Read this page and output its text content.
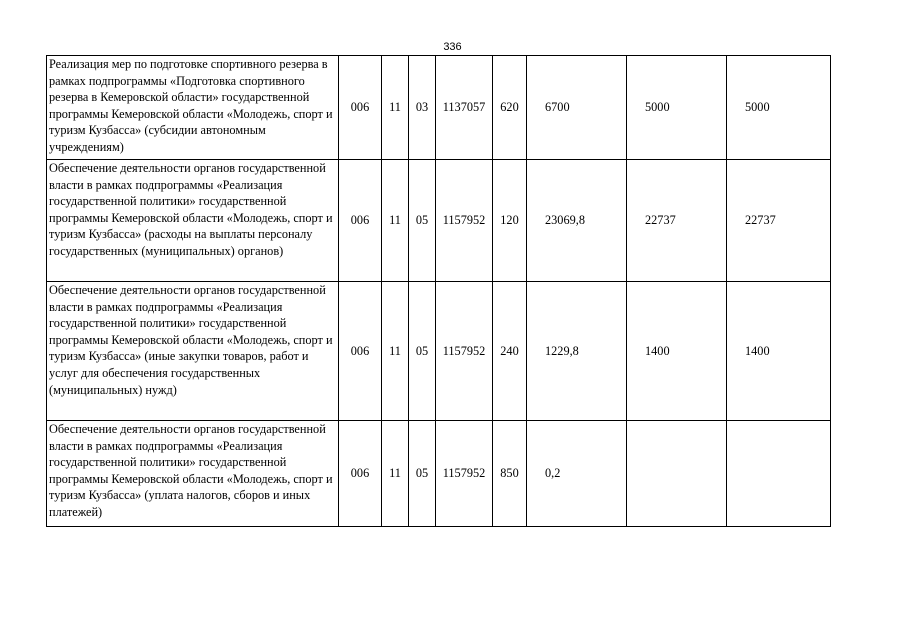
336
Реализация мер по подготовке спортивного резерва в рамках подпрограммы «Подготовка спортивного резерва в Кемеровской области» государственной программы Кемеровской области «Молодежь, спорт и туризм Кузбасса» (субсидии автономным учреждениям)	006	11	03	1137057	620	6700	5000	5000
Обеспечение деятельности органов государственной власти в рамках подпрограммы «Реализация государственной политики» государственной программы Кемеровской области «Молодежь, спорт и туризм Кузбасса» (расходы на выплаты персоналу государственных (муниципальных) органов)	006	11	05	1157952	120	23069,8	22737	22737
Обеспечение деятельности органов государственной власти в рамках подпрограммы «Реализация государственной политики» государственной программы Кемеровской области «Молодежь, спорт и туризм Кузбасса» (иные закупки товаров, работ и услуг для обеспечения государственных (муниципальных) нужд)	006	11	05	1157952	240	1229,8	1400	1400
Обеспечение деятельности органов государственной власти в рамках подпрограммы «Реализация государственной политики» государственной программы Кемеровской области «Молодежь, спорт и туризм Кузбасса» (уплата налогов, сборов и иных платежей)	006	11	05	1157952	850	0,2		
